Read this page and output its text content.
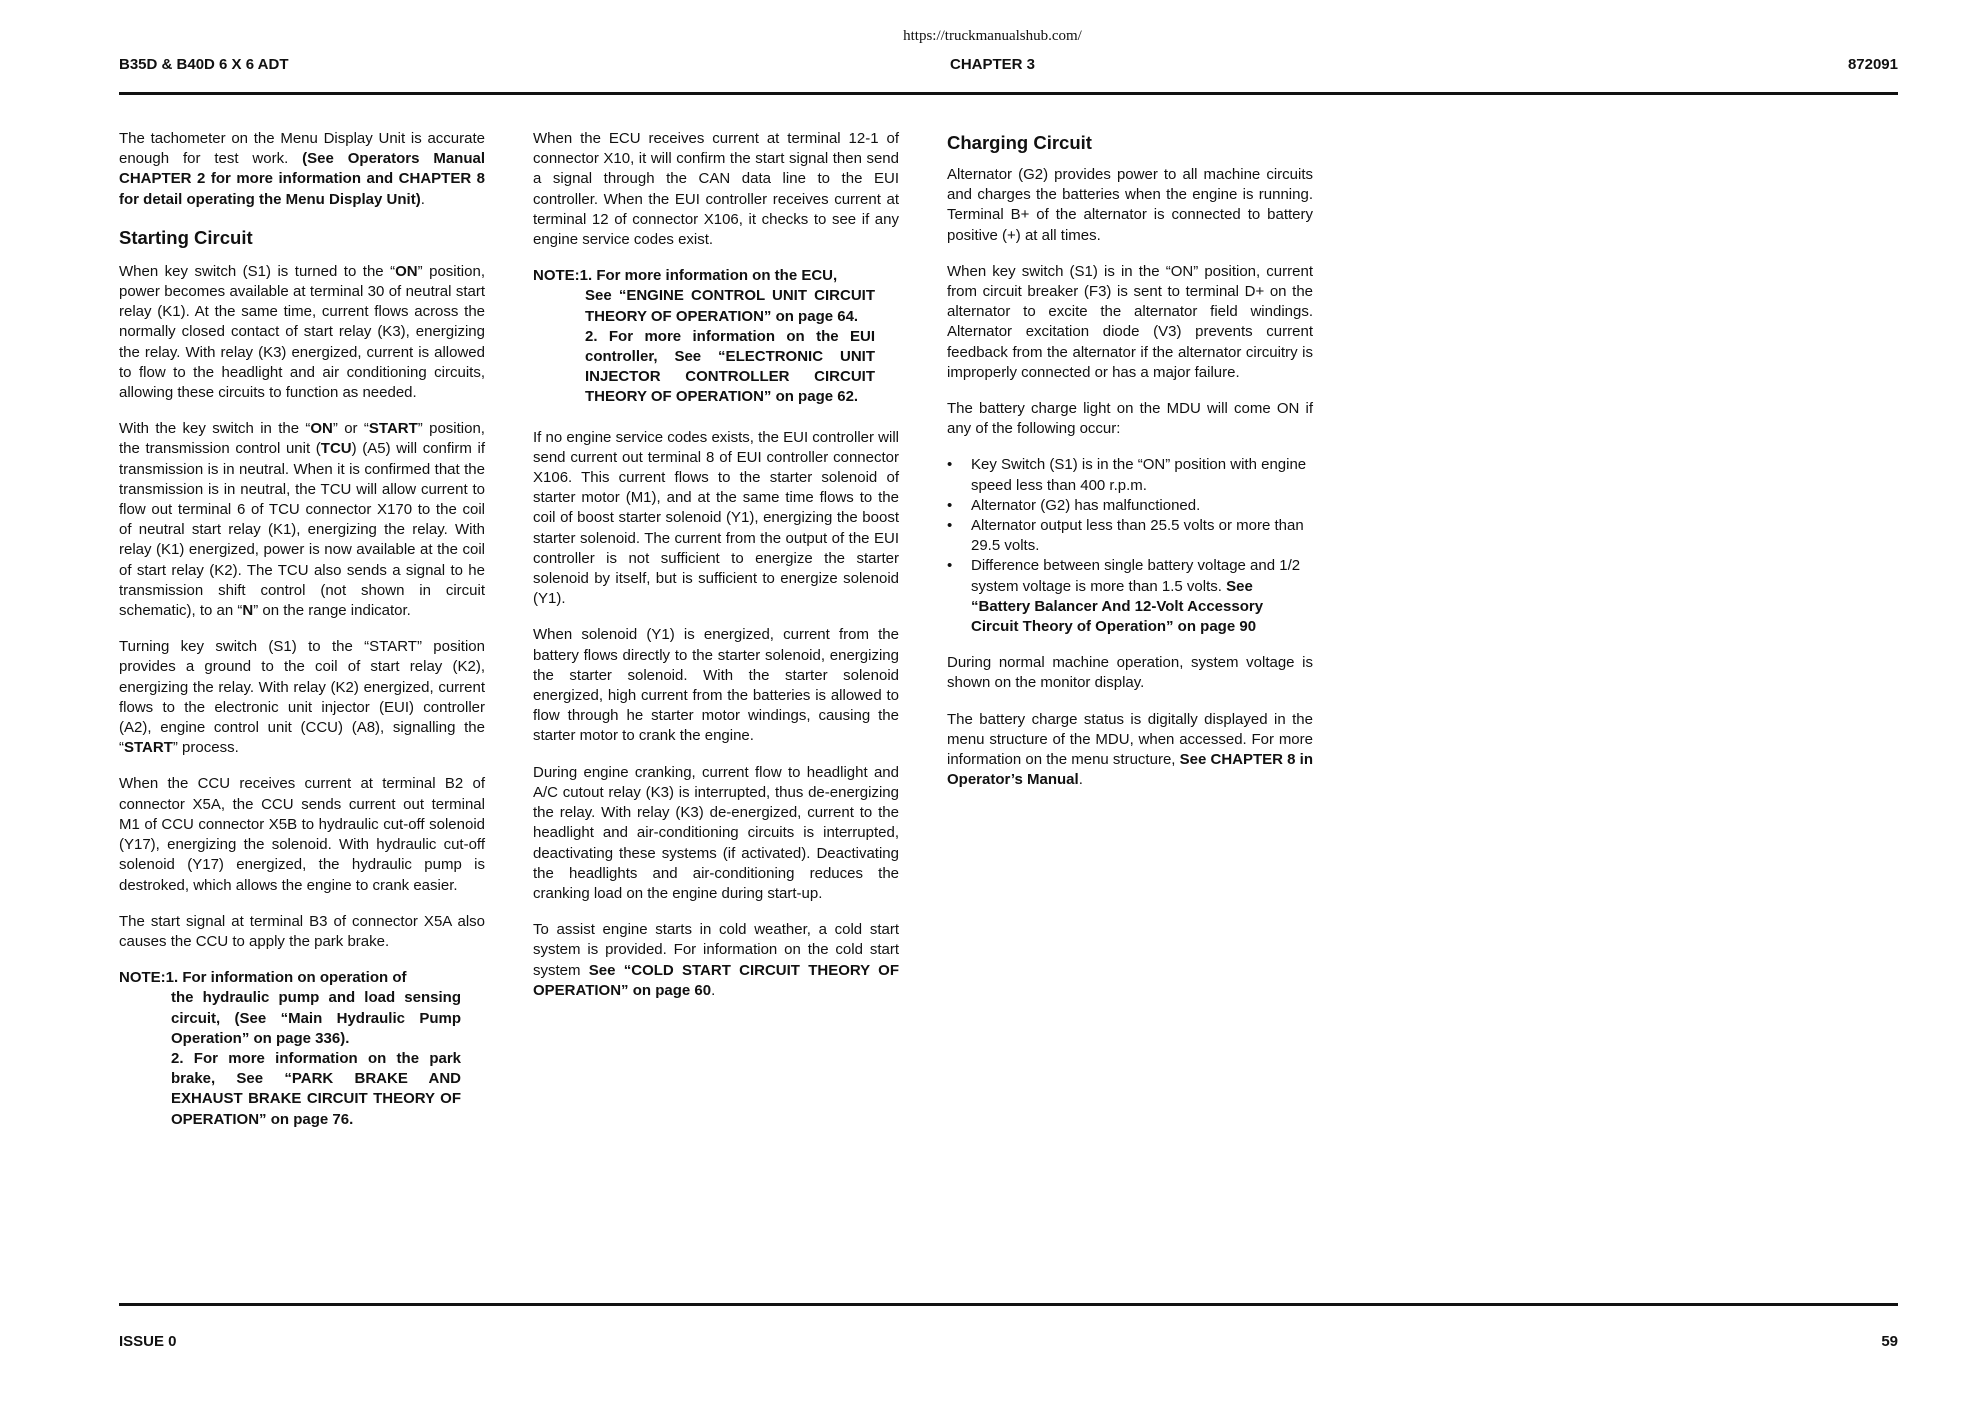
https://truckmanualshub.com/
B35D & B40D 6 X 6 ADT	CHAPTER 3	872091

The tachometer on the Menu Display Unit is accurate enough for test work. (See Operators Manual CHAPTER 2 for more information and CHAPTER 8 for detail operating the Menu Display Unit).

Starting Circuit

When key switch (S1) is turned to the “ON” position, power becomes available at terminal 30 of neutral start relay (K1). At the same time, current flows across the normally closed contact of start relay (K3), energizing the relay. With relay (K3) energized, current is allowed to flow to the headlight and air conditioning circuits, allowing these circuits to function as needed.

With the key switch in the “ON” or “START” position, the transmission control unit (TCU) (A5) will confirm if transmission is in neutral. When it is confirmed that the transmission is in neutral, the TCU will allow current to flow out terminal 6 of TCU connector X170 to the coil of neutral start relay (K1), energizing the relay. With relay (K1) energized, power is now available at the coil of start relay (K2). The TCU also sends a signal to he transmission shift control (not shown in circuit schematic), to an “N” on the range indicator.

Turning key switch (S1) to the “START” position provides a ground to the coil of start relay (K2), energizing the relay. With relay (K2) energized, current flows to the electronic unit injector (EUI) controller (A2), engine control unit (CCU) (A8), signalling the “START” process.

When the CCU receives current at terminal B2 of connector X5A, the CCU sends current out terminal M1 of CCU connector X5B to hydraulic cut-off solenoid (Y17), energizing the solenoid. With hydraulic cut-off solenoid (Y17) energized, the hydraulic pump is destroked, which allows the engine to crank easier.

The start signal at terminal B3 of connector X5A also causes the CCU to apply the park brake.

NOTE:1. For information on operation of
the hydraulic pump and load sensing circuit, (See “Main Hydraulic Pump Operation” on page 336).
2. For more information on the park brake, See “PARK BRAKE AND EXHAUST BRAKE CIRCUIT THEORY OF OPERATION” on page 76.

When the ECU receives current at terminal 12-1 of connector X10, it will confirm the start signal then send a signal through the CAN data line to the EUI controller. When the EUI controller receives current at terminal 12 of connector X106, it checks to see if any engine service codes exist.

NOTE:1. For more information on the ECU,
See “ENGINE CONTROL UNIT CIRCUIT THEORY OF OPERATION” on page 64.
2. For more information on the EUI controller, See “ELECTRONIC UNIT INJECTOR CONTROLLER CIRCUIT THEORY OF OPERATION” on page 62.

If no engine service codes exists, the EUI controller will send current out terminal 8 of EUI controller connector X106. This current flows to the starter solenoid of starter motor (M1), and at the same time flows to the coil of boost starter solenoid (Y1), energizing the boost starter solenoid. The current from the output of the EUI controller is not sufficient to energize the starter solenoid by itself, but is sufficient to energize solenoid (Y1).

When solenoid (Y1) is energized, current from the battery flows directly to the starter solenoid, energizing the starter solenoid. With the starter solenoid energized, high current from the batteries is allowed to flow through he starter motor windings, causing the starter motor to crank the engine.

During engine cranking, current flow to headlight and A/C cutout relay (K3) is interrupted, thus de-energizing the relay. With relay (K3) de-energized, current to the headlight and air-conditioning circuits is interrupted, deactivating these systems (if activated). Deactivating the headlights and air-conditioning reduces the cranking load on the engine during start-up.

To assist engine starts in cold weather, a cold start system is provided. For information on the cold start system See “COLD START CIRCUIT THEORY OF OPERATION” on page 60.

Charging Circuit

Alternator (G2) provides power to all machine circuits and charges the batteries when the engine is running. Terminal B+ of the alternator is connected to battery positive (+) at all times.

When key switch (S1) is in the “ON” position, current from circuit breaker (F3) is sent to terminal D+ on the alternator to excite the alternator field windings. Alternator excitation diode (V3) prevents current feedback from the alternator if the alternator circuitry is improperly connected or has a major failure.

The battery charge light on the MDU will come ON if any of the following occur:

• Key Switch (S1) is in the “ON” position with engine speed less than 400 r.p.m.
• Alternator (G2) has malfunctioned.
• Alternator output less than 25.5 volts or more than 29.5 volts.
• Difference between single battery voltage and 1/2 system voltage is more than 1.5 volts. See “Battery Balancer And 12-Volt Accessory Circuit Theory of Operation” on page 90

During normal machine operation, system voltage is shown on the monitor display.

The battery charge status is digitally displayed in the menu structure of the MDU, when accessed. For more information on the menu structure, See CHAPTER 8 in Operator’s Manual.

ISSUE 0	59
